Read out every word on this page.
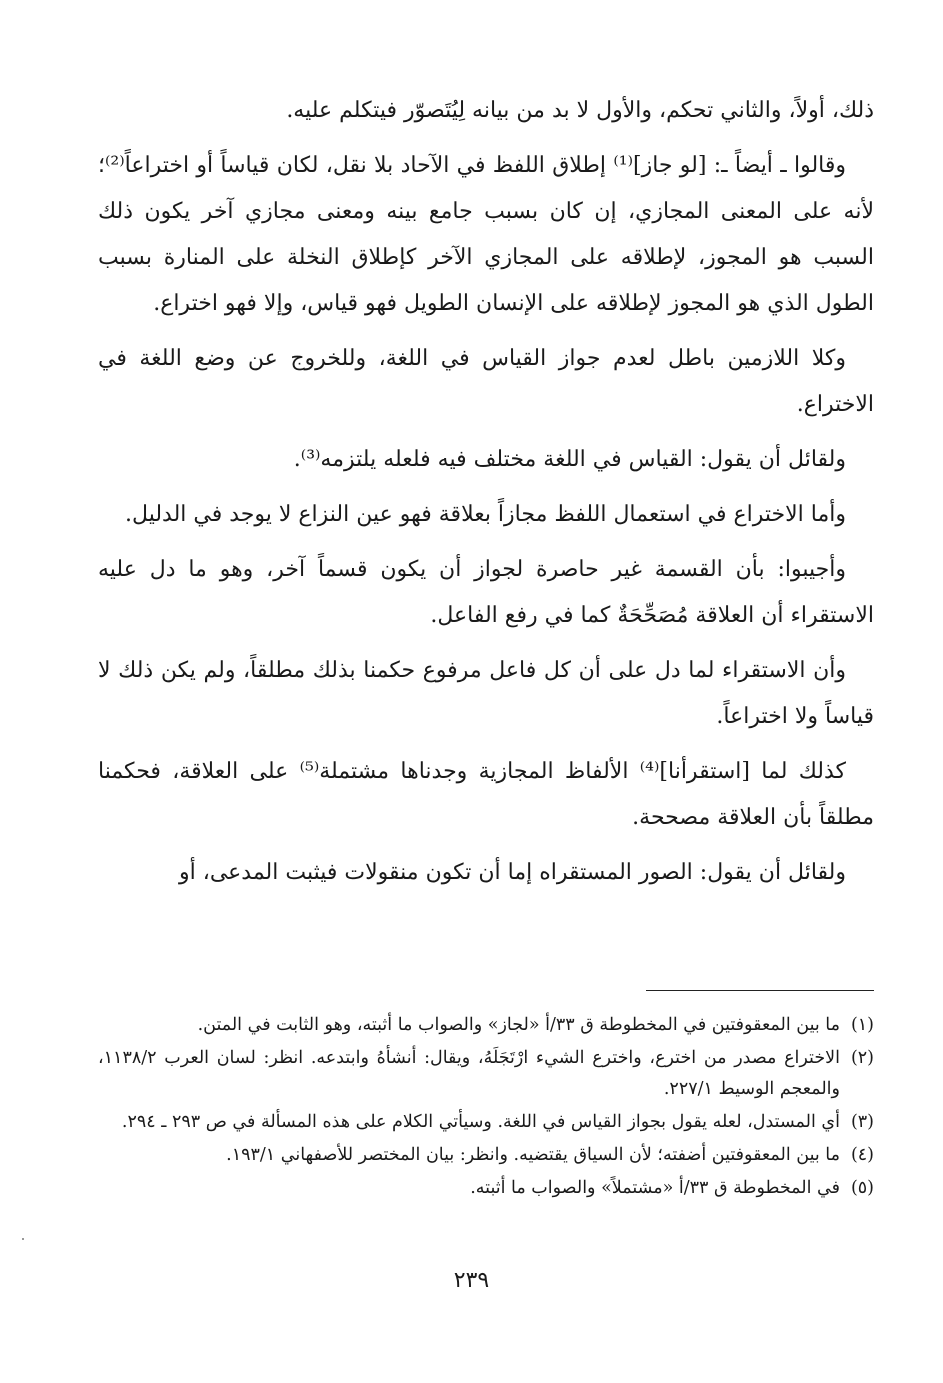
ذلك، أولاً، والثاني تحكم، والأول لا بد من بيانه لِيُتَصوّر فيتكلم عليه.

وقالوا ـ أيضاً ـ: [لو جاز]⁽¹⁾ إطلاق اللفظ في الآحاد بلا نقل، لكان قياساً أو اختراعاً⁽²⁾؛ لأنه على المعنى المجازي، إن كان بسبب جامع بينه ومعنى مجازي آخر يكون ذلك السبب هو المجوز، لإطلاقه على المجازي الآخر كإطلاق النخلة على المنارة بسبب الطول الذي هو المجوز لإطلاقه على الإنسان الطويل فهو قياس، وإلا فهو اختراع.

وكلا اللازمين باطل لعدم جواز القياس في اللغة، وللخروج عن وضع اللغة في الاختراع.

ولقائل أن يقول: القياس في اللغة مختلف فيه فلعله يلتزمه⁽³⁾.

وأما الاختراع في استعمال اللفظ مجازاً بعلاقة فهو عين النزاع لا يوجد في الدليل.

وأجيبوا: بأن القسمة غير حاصرة لجواز أن يكون قسماً آخر، وهو ما دل عليه الاستقراء أن العلاقة مُصَحِّحَةٌ كما في رفع الفاعل.

وأن الاستقراء لما دل على أن كل فاعل مرفوع حكمنا بذلك مطلقاً، ولم يكن ذلك لا قياساً ولا اختراعاً.

كذلك لما [استقرأنا]⁽⁴⁾ الألفاظ المجازية وجدناها مشتملة⁽⁵⁾ على العلاقة، فحكمنا مطلقاً بأن العلاقة مصححة.

ولقائل أن يقول: الصور المستقراه إما أن تكون منقولات فيثبت المدعى، أو

(١)
ما بين المعقوفتين في المخطوطة ق ٣٣/أ «لجاز» والصواب ما أثبته، وهو الثابت في المتن.
(٢)
الاختراع مصدر من اخترع، واخترع الشيء ارْتَجَلَهُ، ويقال: أنشأهُ وابتدعه. انظر: لسان العرب ١١٣٨/٢، والمعجم الوسيط ٢٢٧/١.
(٣)
أي المستدل، لعله يقول بجواز القياس في اللغة. وسيأتي الكلام على هذه المسألة في ص ٢٩٣ ـ ٢٩٤.
(٤)
ما بين المعقوفتين أضفته؛ لأن السياق يقتضيه. وانظر: بيان المختصر للأصفهاني ١٩٣/١.
(٥)
في المخطوطة ق ٣٣/أ «مشتملاً» والصواب ما أثبته.
٢٣٩
